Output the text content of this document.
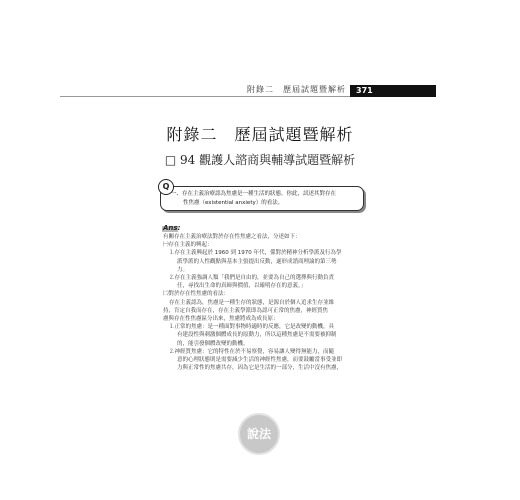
附錄二　歷屆試題暨解析	371
附錄二　歷屆試題暨解析
□ 94 觀護人諮商與輔導試題暨解析
Q
一、存在主義治療認為焦慮是一種生活的狀態，你此，試述其對存在
性焦慮（existential anxiety）的看法。
Ans:
有關存在主義治療法對於存在性焦慮之看法，分述如下：
㈠存在主義的興起：
⒈存在主義興起於 1960 到 1970 年代，係對於精神分析學派及行為學
派學派的人性觀點與基本主張提出反動，遂形成諮商理論的第三勢
力。
⒉存在主義強調人類「我們是自由的，並要為自己的選擇與行動負責
任，尋找出生命的真締與價值，以確明存在的意義。」
㈡對於存在性焦慮的看法：
存在主義認為，焦慮是一種生存的狀態，是源自於個人追求生存並維
持，肯定自我而存在，存在主義學派即為認可正常的焦慮，神經質焦
慮與存在性焦慮區分出來，焦慮將成為成長原：
⒈正常的焦慮：是一種面對事物時適時的反應，它是改變的動機，具
有建設性與刺激個體成長的原動力，所以這種焦慮是不需要被抑制
的，能引發個體改變的動機。
⒉神經質焦慮：它的特性在於不易察覺，容易讓人變得無能力，而隨
意的心理狀態則是需要減少生活的神經性焦慮，而要鼓勵當事受並即
力與正常性的焦慮共存，因為它是生活的一部分，生活中沒有焦慮，
說法
